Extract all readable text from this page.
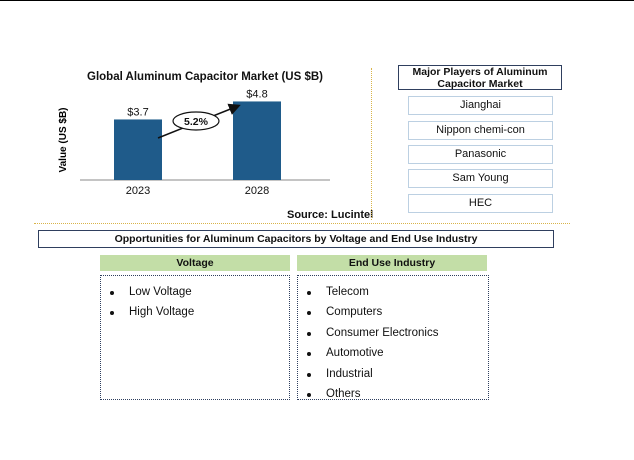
Global Aluminum Capacitor Market (US $B)
Value (US $B)	$3.7
2023
$4.8
2028
5.2%
Source: Lucintel
Major Players of Aluminum Capacitor Market
Jianghai
Nippon chemi-con
Panasonic
Sam Young
HEC
Opportunities for Aluminum Capacitors by Voltage and End Use Industry
Voltage	End Use Industry
Low Voltage
High Voltage
Telecom
Computers
Consumer Electronics
Automotive
Industrial
Others
